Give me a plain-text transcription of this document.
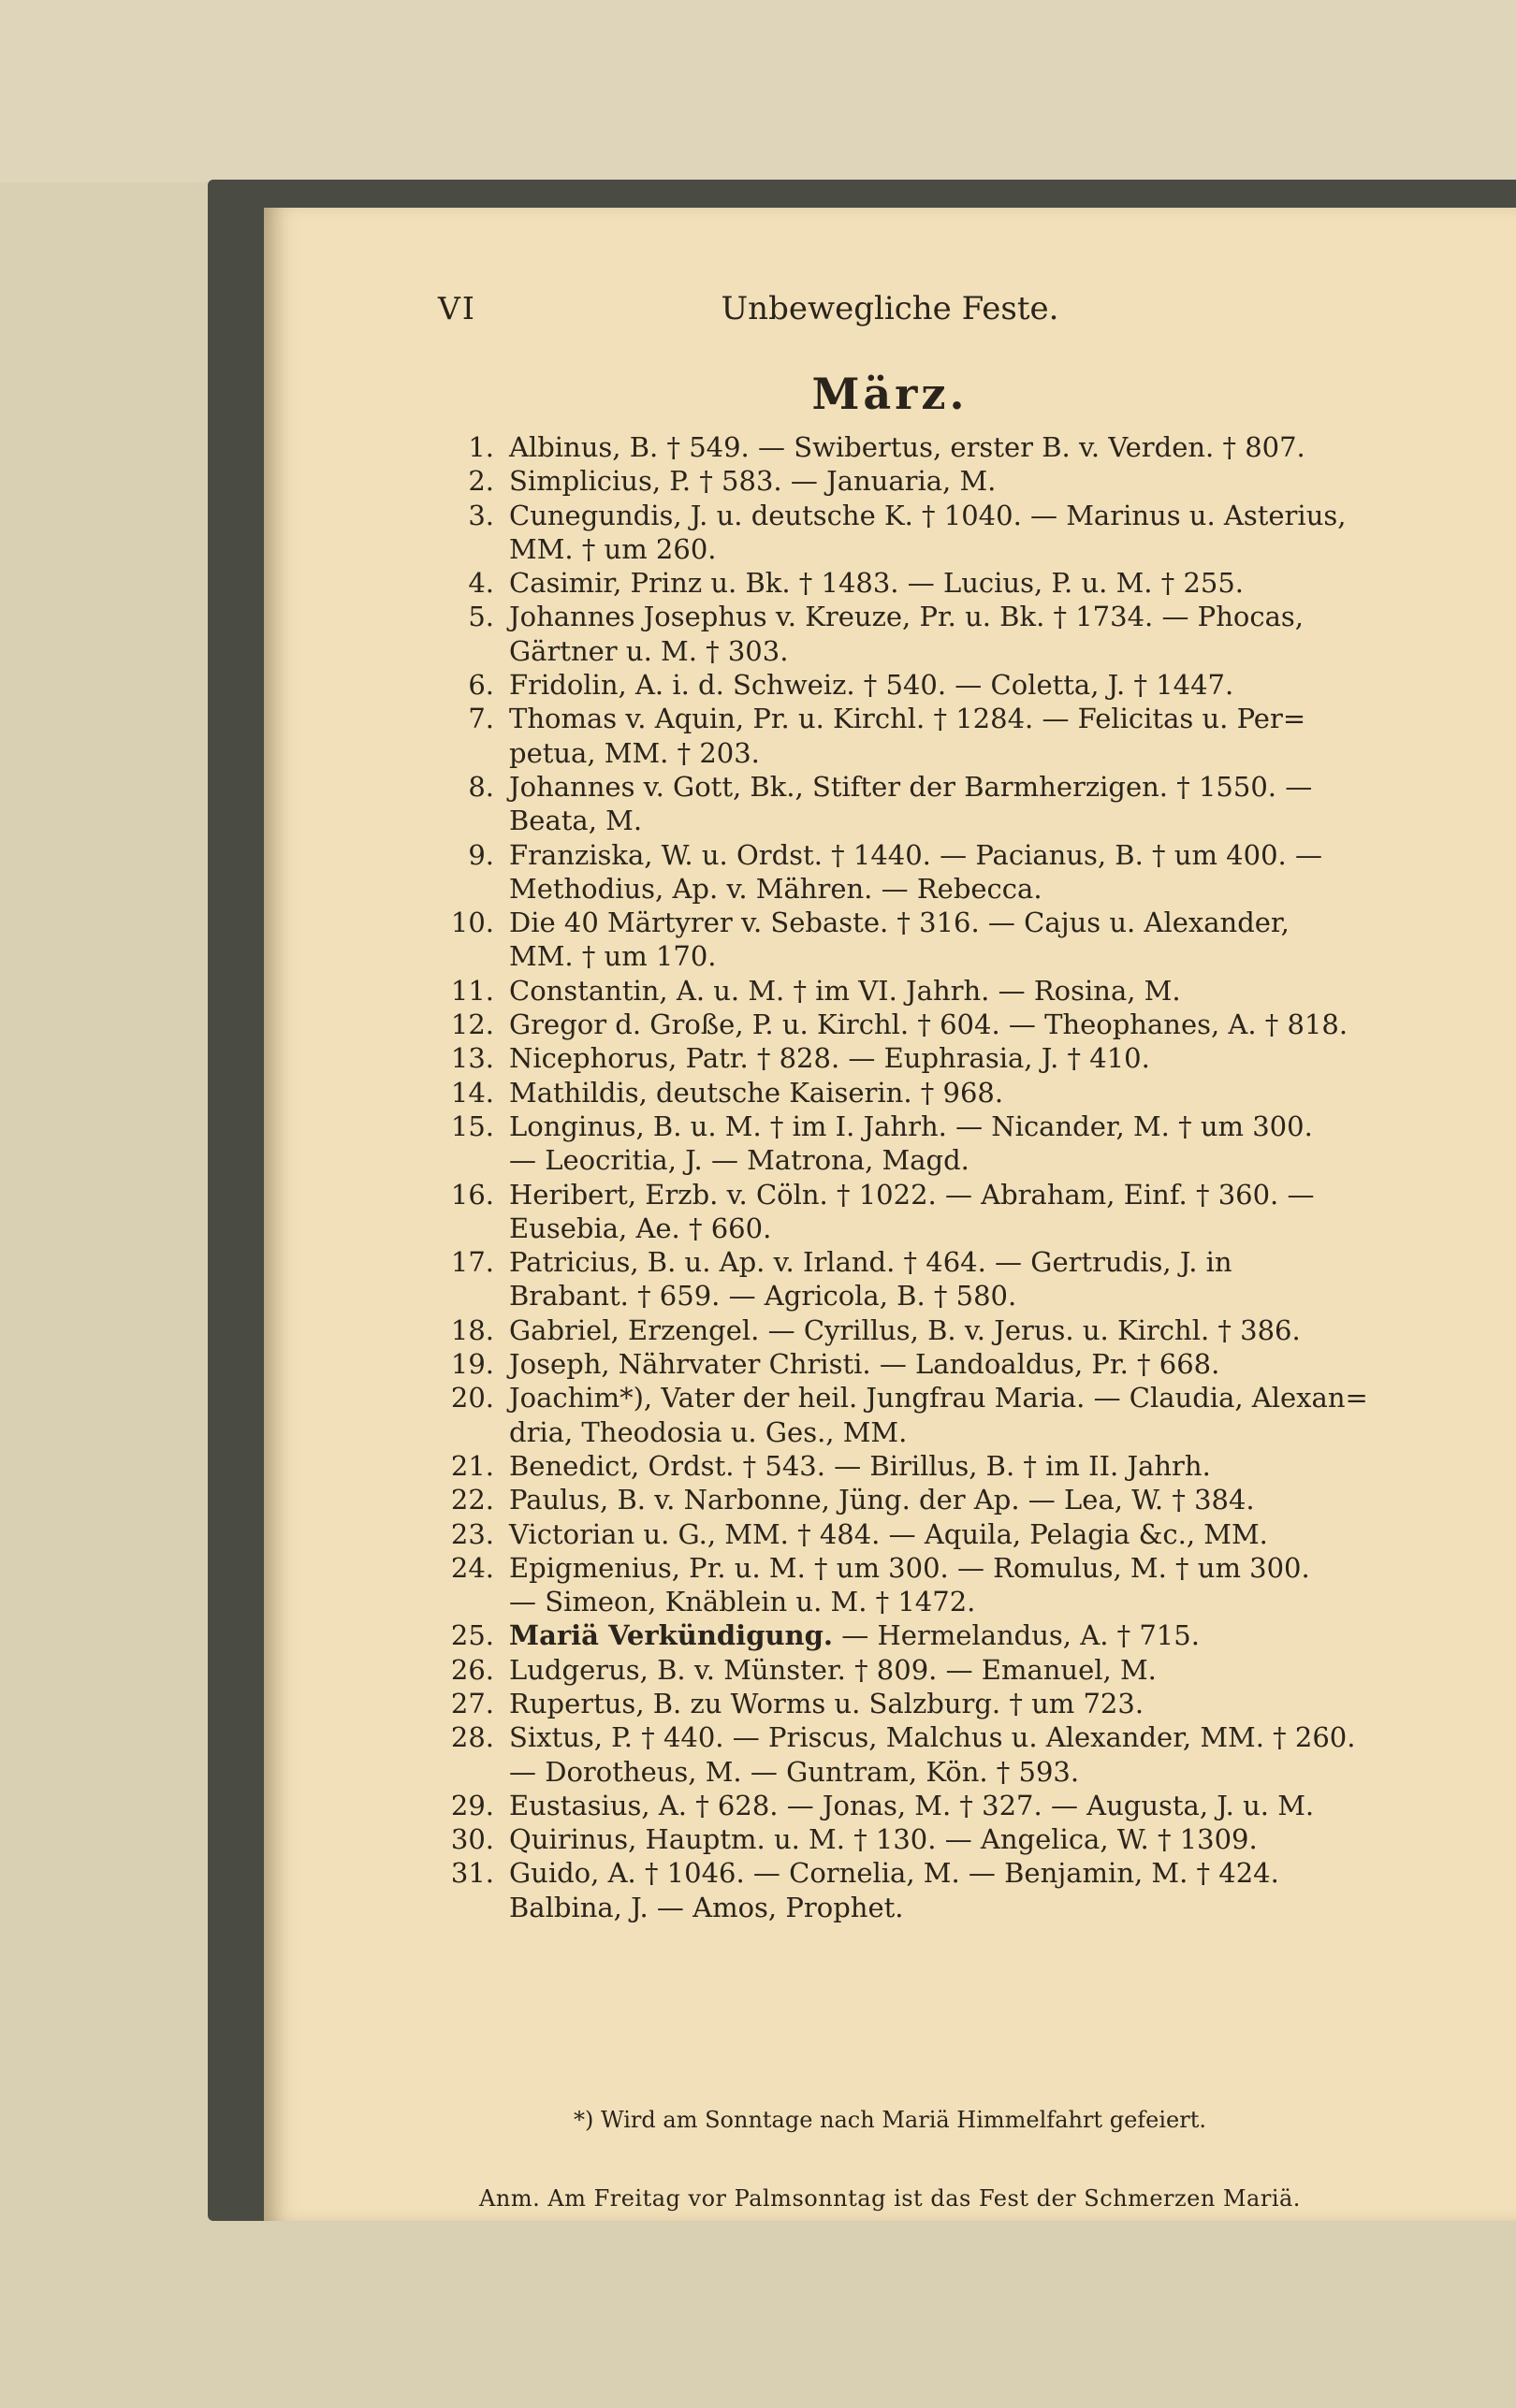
VI	Unbewegliche Feste.
März.
1. Albinus, B. † 549. — Swibertus, erster B. v. Verden. † 807.
2. Simplicius, P. † 583. — Januaria, M.
3. Cunegundis, J. u. deutsche K. † 1040. — Marinus u. Asterius,
MM. † um 260.
4. Casimir, Prinz u. Bk. † 1483. — Lucius, P. u. M. † 255.
5. Johannes Josephus v. Kreuze, Pr. u. Bk. † 1734. — Phocas,
Gärtner u. M. † 303.
6. Fridolin, A. i. d. Schweiz. † 540. — Coletta, J. † 1447.
7. Thomas v. Aquin, Pr. u. Kirchl. † 1284. — Felicitas u. Per=
petua, MM. † 203.
8. Johannes v. Gott, Bk., Stifter der Barmherzigen. † 1550. —
Beata, M.
9. Franziska, W. u. Ordst. † 1440. — Pacianus, B. † um 400. —
Methodius, Ap. v. Mähren. — Rebecca.
10. Die 40 Märtyrer v. Sebaste. † 316. — Cajus u. Alexander,
MM. † um 170.
11. Constantin, A. u. M. † im VI. Jahrh. — Rosina, M.
12. Gregor d. Große, P. u. Kirchl. † 604. — Theophanes, A. † 818.
13. Nicephorus, Patr. † 828. — Euphrasia, J. † 410.
14. Mathildis, deutsche Kaiserin. † 968.
15. Longinus, B. u. M. † im I. Jahrh. — Nicander, M. † um 300.
— Leocritia, J. — Matrona, Magd.
16. Heribert, Erzb. v. Cöln. † 1022. — Abraham, Einf. † 360. —
Eusebia, Ae. † 660.
17. Patricius, B. u. Ap. v. Irland. † 464. — Gertrudis, J. in
Brabant. † 659. — Agricola, B. † 580.
18. Gabriel, Erzengel. — Cyrillus, B. v. Jerus. u. Kirchl. † 386.
19. Joseph, Nährvater Christi. — Landoaldus, Pr. † 668.
20. Joachim*), Vater der heil. Jungfrau Maria. — Claudia, Alexan=
dria, Theodosia u. Ges., MM.
21. Benedict, Ordst. † 543. — Birillus, B. † im II. Jahrh.
22. Paulus, B. v. Narbonne, Jüng. der Ap. — Lea, W. † 384.
23. Victorian u. G., MM. † 484. — Aquila, Pelagia &c., MM.
24. Epigmenius, Pr. u. M. † um 300. — Romulus, M. † um 300.
— Simeon, Knäblein u. M. † 1472.
25. Mariä Verkündigung. — Hermelandus, A. † 715.
26. Ludgerus, B. v. Münster. † 809. — Emanuel, M.
27. Rupertus, B. zu Worms u. Salzburg. † um 723.
28. Sixtus, P. † 440. — Priscus, Malchus u. Alexander, MM. † 260.
— Dorotheus, M. — Guntram, Kön. † 593.
29. Eustasius, A. † 628. — Jonas, M. † 327. — Augusta, J. u. M.
30. Quirinus, Hauptm. u. M. † 130. — Angelica, W. † 1309.
31. Guido, A. † 1046. — Cornelia, M. — Benjamin, M. † 424.
Balbina, J. — Amos, Prophet.
*) Wird am Sonntage nach Mariä Himmelfahrt gefeiert.
Anm. Am Freitag vor Palmsonntag ist das Fest der Schmerzen Mariä.
